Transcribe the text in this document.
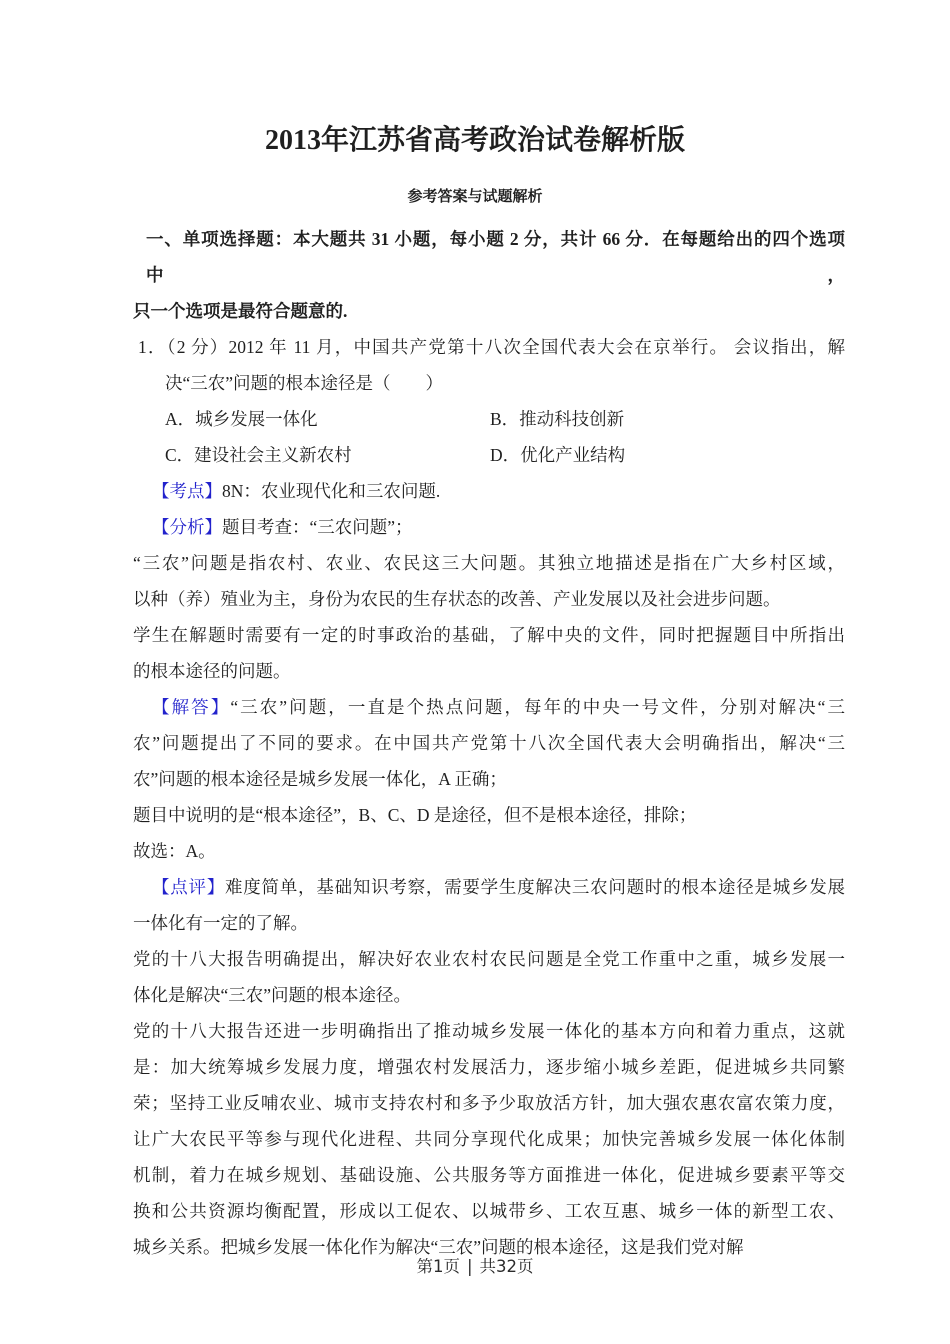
2013年江苏省高考政治试卷解析版
参考答案与试题解析

一、单项选择题：本大题共 31 小题，每小题 2 分，共计 66 分．在每题给出的四个选项中，

只一个选项是最符合题意的.

1．（2 分）2012 年 11 月，中国共产党第十八次全国代表大会在京举行。 会议指出，解

决“三农”问题的根本途径是（　　）

A．城乡发展一体化	B．推动科技创新
C．建设社会主义新农村	D．优化产业结构

【考点】8N：农业现代化和三农问题.

【分析】题目考查：“三农问题”；

“三农”问题是指农村、农业、农民这三大问题。其独立地描述是指在广大乡村区域，

以种（养）殖业为主，身份为农民的生存状态的改善、产业发展以及社会进步问题。

学生在解题时需要有一定的时事政治的基础，了解中央的文件，同时把握题目中所指出

的根本途径的问题。

【解答】“三农”问题，一直是个热点问题，每年的中央一号文件，分别对解决“三

农”问题提出了不同的要求。在中国共产党第十八次全国代表大会明确指出，解决“三

农”问题的根本途径是城乡发展一体化，A 正确；

题目中说明的是“根本途径”，B、C、D 是途径，但不是根本途径，排除；

故选：A。

【点评】难度简单，基础知识考察，需要学生度解决三农问题时的根本途径是城乡发展

一体化有一定的了解。

党的十八大报告明确提出，解决好农业农村农民问题是全党工作重中之重，城乡发展一

体化是解决“三农”问题的根本途径。

党的十八大报告还进一步明确指出了推动城乡发展一体化的基本方向和着力重点，这就

是：加大统筹城乡发展力度，增强农村发展活力，逐步缩小城乡差距，促进城乡共同繁

荣；坚持工业反哺农业、城市支持农村和多予少取放活方针，加大强农惠农富农策力度，

让广大农民平等参与现代化进程、共同分享现代化成果；加快完善城乡发展一体化体制

机制，着力在城乡规划、基础设施、公共服务等方面推进一体化，促进城乡要素平等交

换和公共资源均衡配置，形成以工促农、以城带乡、工农互惠、城乡一体的新型工农、

城乡关系。把城乡发展一体化作为解决“三农”问题的根本途径，这是我们党对解

第1页 | 共32页
